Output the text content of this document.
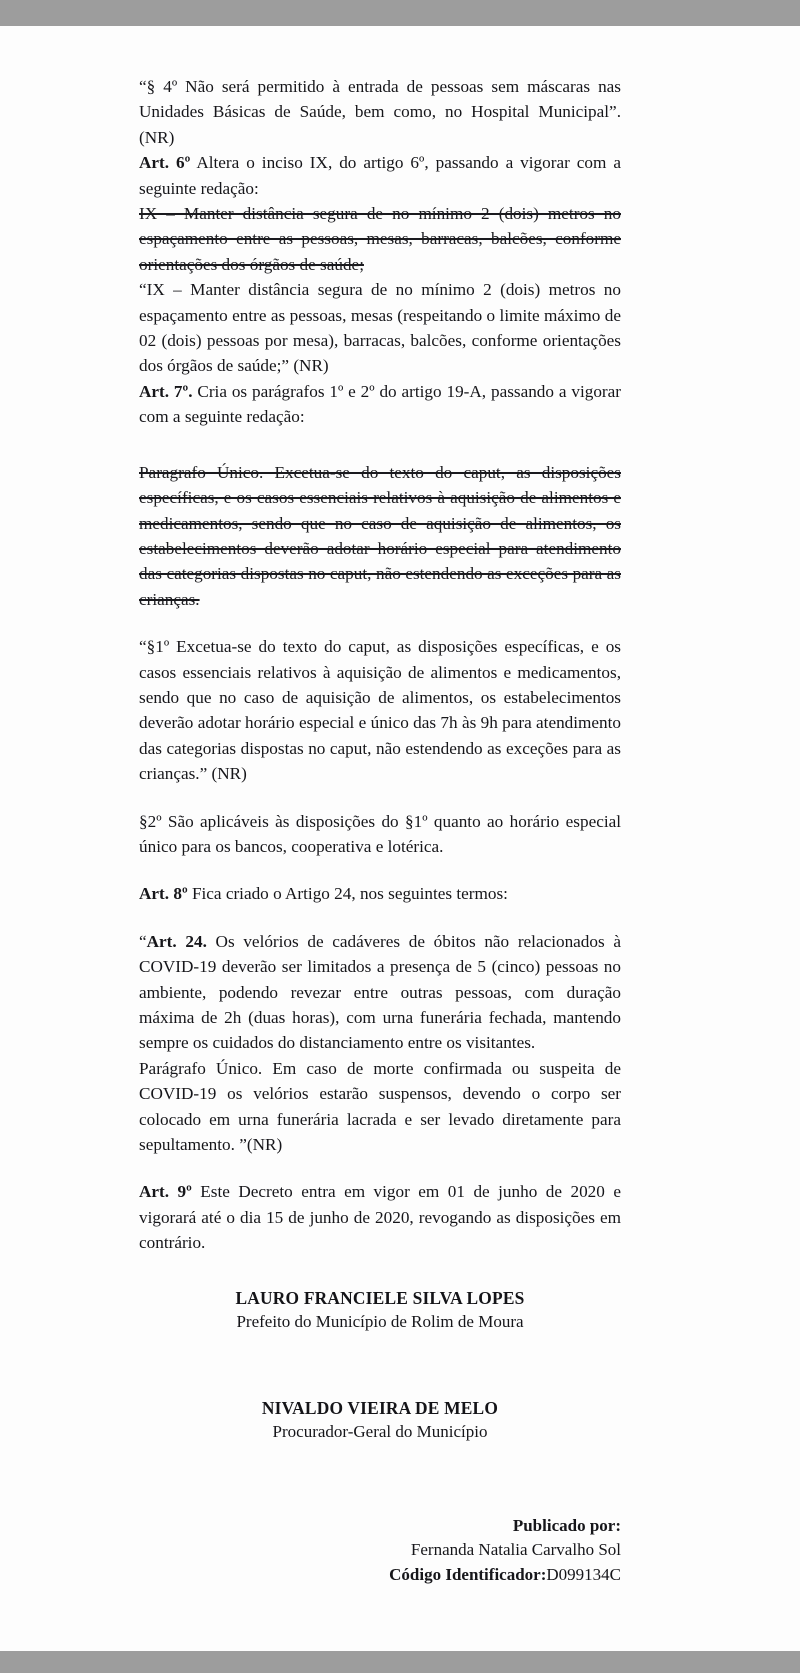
“§ 4º Não será permitido à entrada de pessoas sem máscaras nas Unidades Básicas de Saúde, bem como, no Hospital Municipal”. (NR)

Art. 6º Altera o inciso IX, do artigo 6º, passando a vigorar com a seguinte redação:

IX – Manter distância segura de no mínimo 2 (dois) metros no espaçamento entre as pessoas, mesas, barracas, balcões, conforme orientações dos órgãos de saúde;

“IX – Manter distância segura de no mínimo 2 (dois) metros no espaçamento entre as pessoas, mesas (respeitando o limite máximo de 02 (dois) pessoas por mesa), barracas, balcões, conforme orientações dos órgãos de saúde;” (NR)

Art. 7º. Cria os parágrafos 1º e 2º do artigo 19-A, passando a vigorar com a seguinte redação:

Paragrafo Único. Excetua-se do texto do caput, as disposições específicas, e os casos essenciais relativos à aquisição de alimentos e medicamentos, sendo que no caso de aquisição de alimentos, os estabelecimentos deverão adotar horário especial para atendimento das categorias dispostas no caput, não estendendo as exceções para as crianças.

“§1º Excetua-se do texto do caput, as disposições específicas, e os casos essenciais relativos à aquisição de alimentos e medicamentos, sendo que no caso de aquisição de alimentos, os estabelecimentos deverão adotar horário especial e único das 7h às 9h para atendimento das categorias dispostas no caput, não estendendo as exceções para as crianças.” (NR)

§2º São aplicáveis às disposições do §1º quanto ao horário especial único para os bancos, cooperativa e lotérica.

Art. 8º Fica criado o Artigo 24, nos seguintes termos:

“Art. 24. Os velórios de cadáveres de óbitos não relacionados à COVID-19 deverão ser limitados a presença de 5 (cinco) pessoas no ambiente, podendo revezar entre outras pessoas, com duração máxima de 2h (duas horas), com urna funerária fechada, mantendo sempre os cuidados do distanciamento entre os visitantes.

Parágrafo Único. Em caso de morte confirmada ou suspeita de COVID-19 os velórios estarão suspensos, devendo o corpo ser colocado em urna funerária lacrada e ser levado diretamente para sepultamento. ”(NR)

Art. 9º Este Decreto entra em vigor em 01 de junho de 2020 e vigorará até o dia 15 de junho de 2020, revogando as disposições em contrário.

LAURO FRANCIELE SILVA LOPES
Prefeito do Município de Rolim de Moura
NIVALDO VIEIRA DE MELO
Procurador-Geral do Município
Publicado por:
Fernanda Natalia Carvalho Sol
Código Identificador:D099134C
